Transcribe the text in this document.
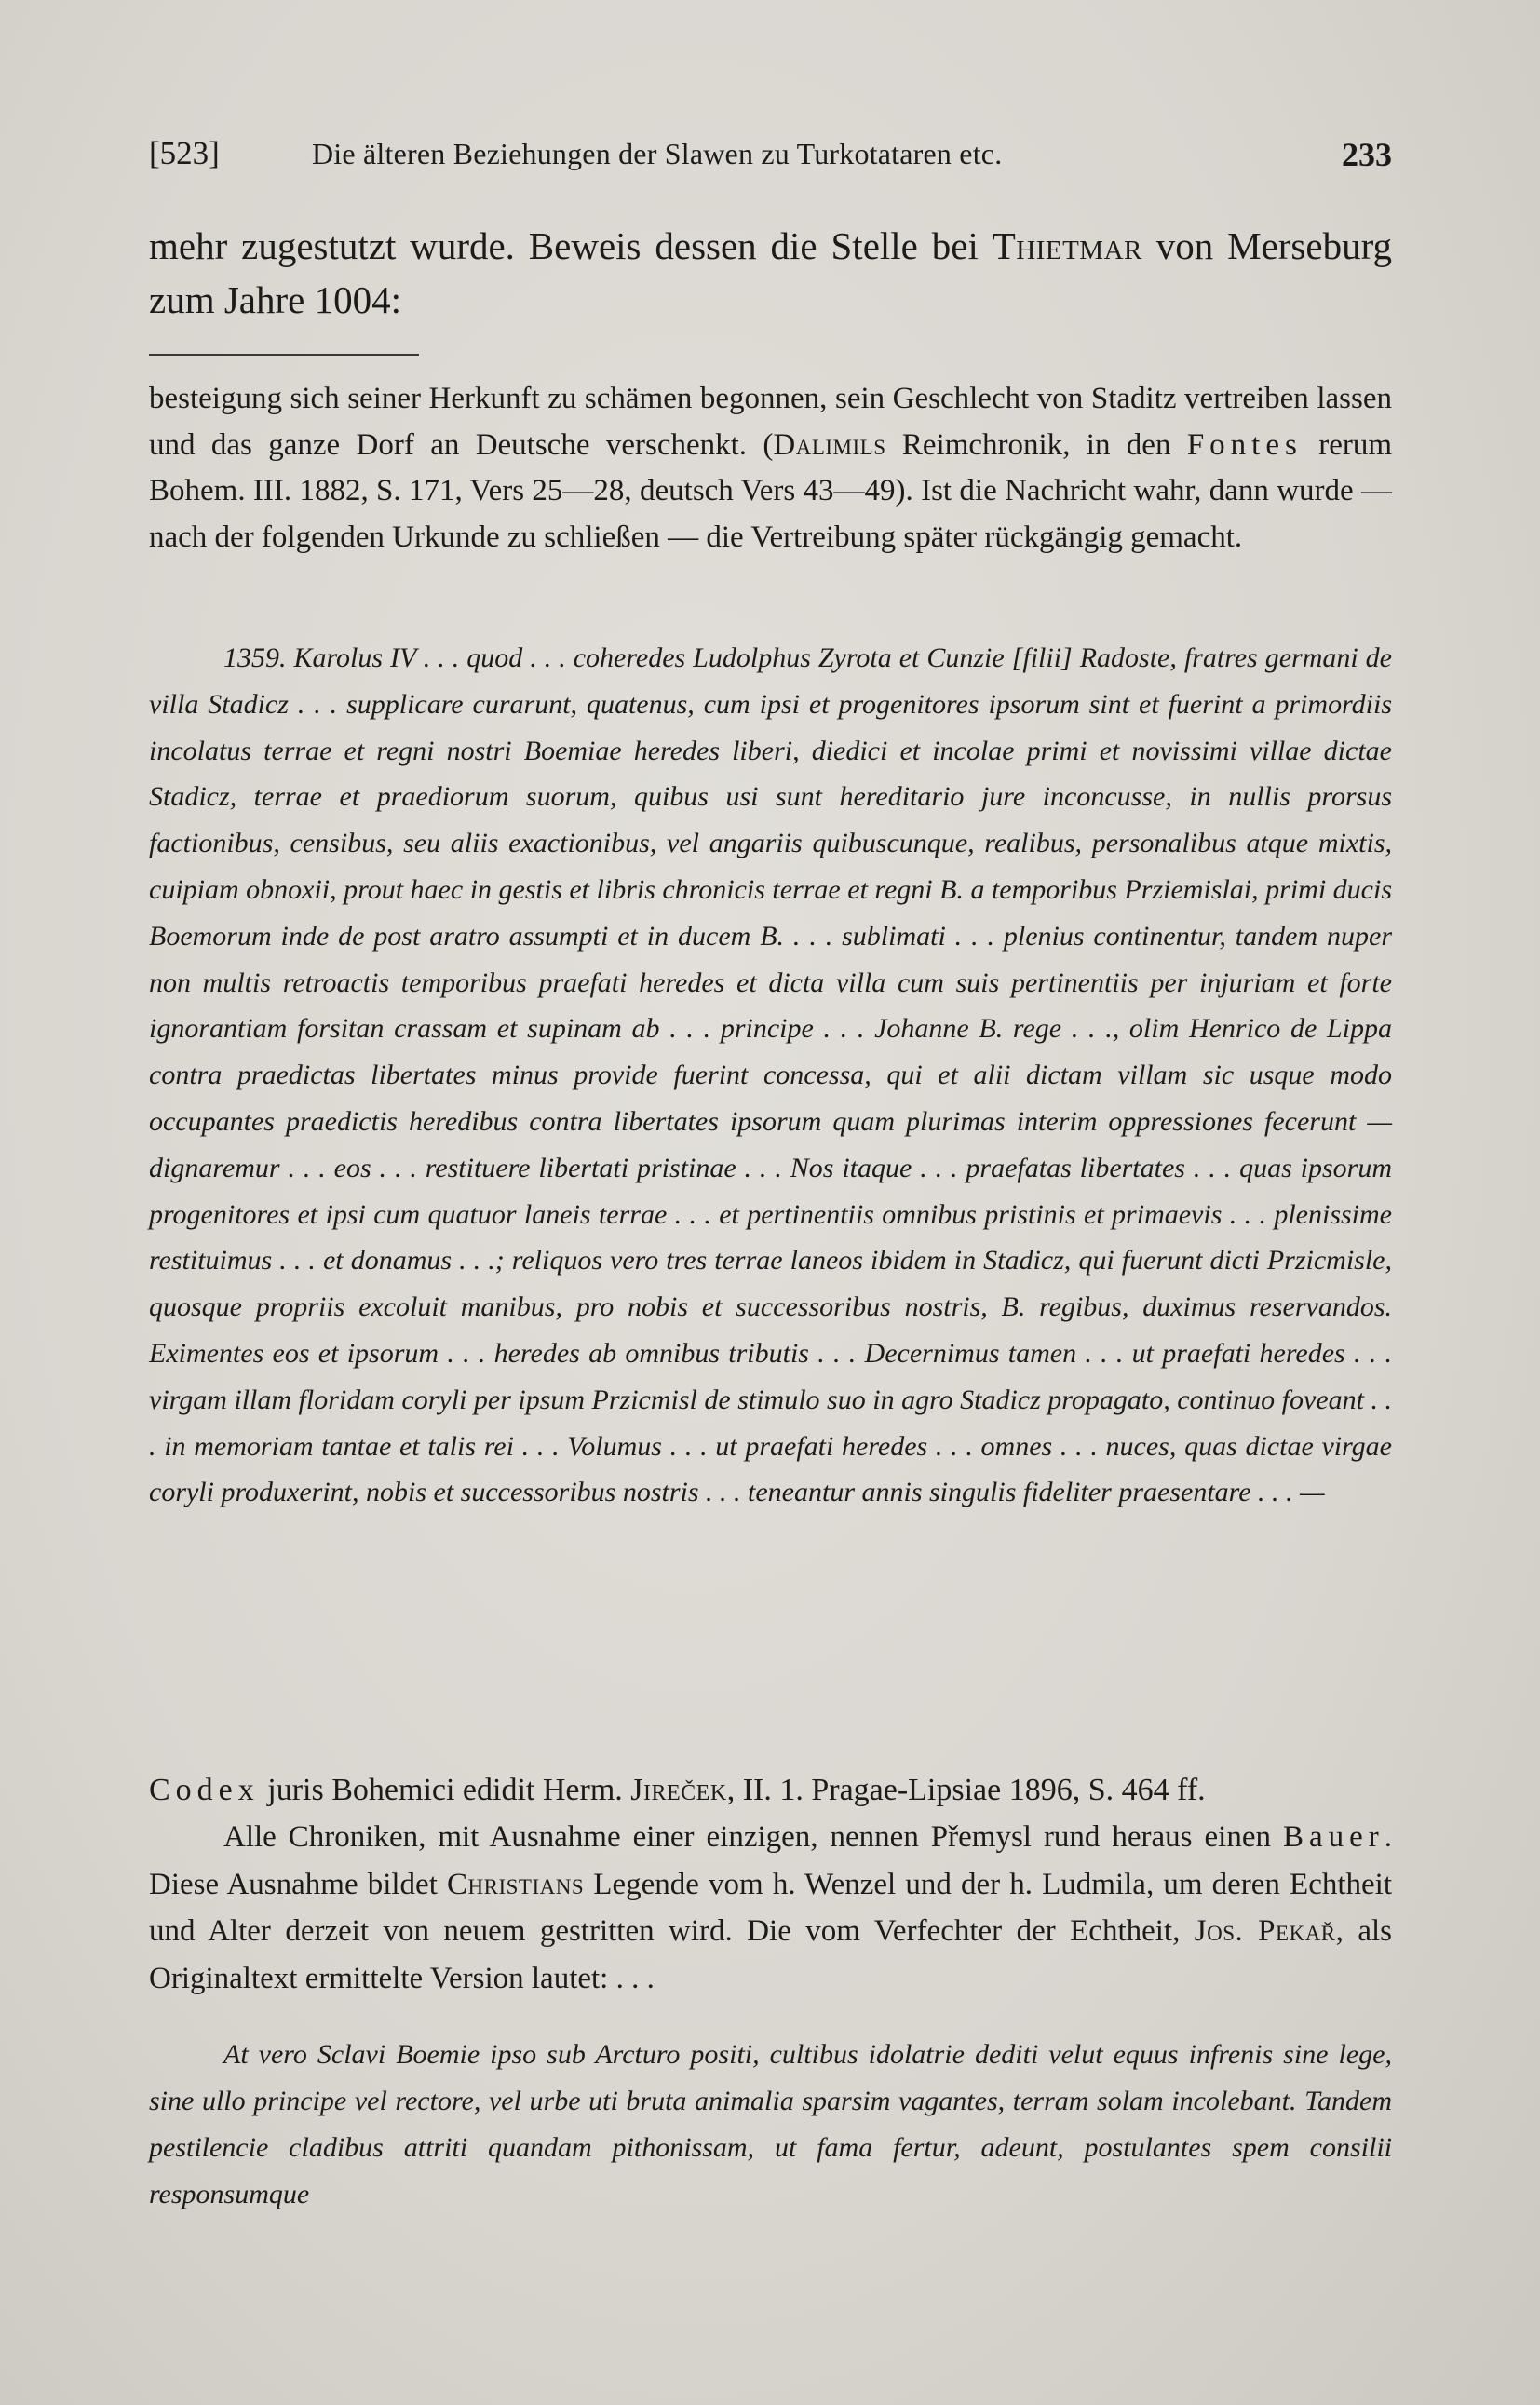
[523]	Die älteren Beziehungen der Slawen zu Turkotataren etc.	233

mehr zugestutzt wurde. Beweis dessen die Stelle bei Thietmar von Merseburg zum Jahre 1004:

besteigung sich seiner Herkunft zu schämen begonnen, sein Geschlecht von Staditz vertreiben lassen und das ganze Dorf an Deutsche verschenkt. (Dalimils Reimchronik, in den Fontes rerum Bohem. III. 1882, S. 171, Vers 25—28, deutsch Vers 43—49). Ist die Nachricht wahr, dann wurde — nach der folgenden Urkunde zu schließen — die Vertreibung später rückgängig gemacht.

1359. Karolus IV . . . quod . . . coheredes Ludolphus Zyrota et Cunzie [filii] Radoste, fratres germani de villa Stadicz . . . supplicare curarunt, quatenus, cum ipsi et progenitores ipsorum sint et fuerint a primordiis incolatus terrae et regni nostri Boemiae heredes liberi, diedici et incolae primi et novissimi villae dictae Stadicz, terrae et praediorum suorum, quibus usi sunt hereditario jure inconcusse, in nullis prorsus factionibus, censibus, seu aliis exactionibus, vel angariis quibuscunque, realibus, personalibus atque mixtis, cuipiam obnoxii, prout haec in gestis et libris chronicis terrae et regni B. a temporibus Prziemislai, primi ducis Boemorum inde de post aratro assumpti et in ducem B. . . . sublimati . . . plenius continentur, tandem nuper non multis retroactis temporibus praefati heredes et dicta villa cum suis pertinentiis per injuriam et forte ignorantiam forsitan crassam et supinam ab . . . principe . . . Johanne B. rege . . ., olim Henrico de Lippa contra praedictas libertates minus provide fuerint concessa, qui et alii dictam villam sic usque modo occupantes praedictis heredibus contra libertates ipsorum quam plurimas interim oppressiones fecerunt — dignaremur . . . eos . . . restituere libertati pristinae . . . Nos itaque . . . praefatas libertates . . . quas ipsorum progenitores et ipsi cum quatuor laneis terrae . . . et pertinentiis omnibus pristinis et primaevis . . . plenissime restituimus . . . et donamus . . .; reliquos vero tres terrae laneos ibidem in Stadicz, qui fuerunt dicti Przicmisle, quosque propriis excoluit manibus, pro nobis et successoribus nostris, B. regibus, duximus reservandos. Eximentes eos et ipsorum . . . heredes ab omnibus tributis . . . Decernimus tamen . . . ut praefati heredes . . . virgam illam floridam coryli per ipsum Przicmisl de stimulo suo in agro Stadicz propagato, continuo foveant . . . in memoriam tantae et talis rei . . . Volumus . . . ut praefati heredes . . . omnes . . . nuces, quas dictae virgae coryli produxerint, nobis et successoribus nostris . . . teneantur annis singulis fideliter praesentare . . . —
Codex juris Bohemici edidit Herm. Jireček, II. 1. Pragae-Lipsiae 1896, S. 464 ff.

Alle Chroniken, mit Ausnahme einer einzigen, nennen Přemysl rund heraus einen Bauer. Diese Ausnahme bildet Christians Legende vom h. Wenzel und der h. Ludmila, um deren Echtheit und Alter derzeit von neuem gestritten wird. Die vom Verfechter der Echtheit, Jos. Pekař, als Originaltext ermittelte Version lautet: . . .

At vero Sclavi Boemie ipso sub Arcturo positi, cultibus idolatrie dediti velut equus infrenis sine lege, sine ullo principe vel rectore, vel urbe uti bruta animalia sparsim vagantes, terram solam incolebant. Tandem pestilencie cladibus attriti quandam pithonissam, ut fama fertur, adeunt, postulantes spem consilii responsumque
